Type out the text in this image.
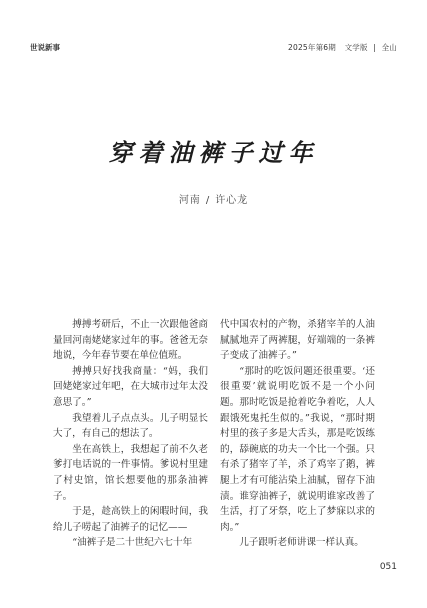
世说新事	2025年第6期 文学版 | 全山
穿着油裤子过年
河南 / 许心龙

搏搏考研后，不止一次跟他爸商量回河南姥姥家过年的事。爸爸无奈地说，今年春节要在单位值班。

搏搏只好找我商量：“妈，我们回姥姥家过年吧，在大城市过年太没意思了。”

我望着儿子点点头。儿子明显长大了，有自己的想法了。

坐在高铁上，我想起了前不久老爹打电话说的一件事情。爹说村里建了村史馆，馆长想要他的那条油裤子。

于是，趁高铁上的闲暇时间，我给儿子唠起了油裤子的记忆——

“油裤子是二十世纪六七十年

代中国农村的产物，杀猪宰羊的人油腻腻地弄了两裤腿，好端端的一条裤子变成了油裤子。”

“那时的吃饭问题还很重要。‘还很重要’就说明吃饭不是一个小问题。那时吃饭是抢着吃争着吃，人人跟饿死鬼托生似的。”我说，“那时期村里的孩子多是大舌头，那是吃饭练的，舔碗底的功夫一个比一个强。只有杀了猪宰了羊，杀了鸡宰了鹅，裤腿上才有可能沾染上油腻，留存下油渍。谁穿油裤子，就说明谁家改善了生活，打了牙祭，吃上了梦寐以求的肉。”

儿子跟听老师讲课一样认真。

051
